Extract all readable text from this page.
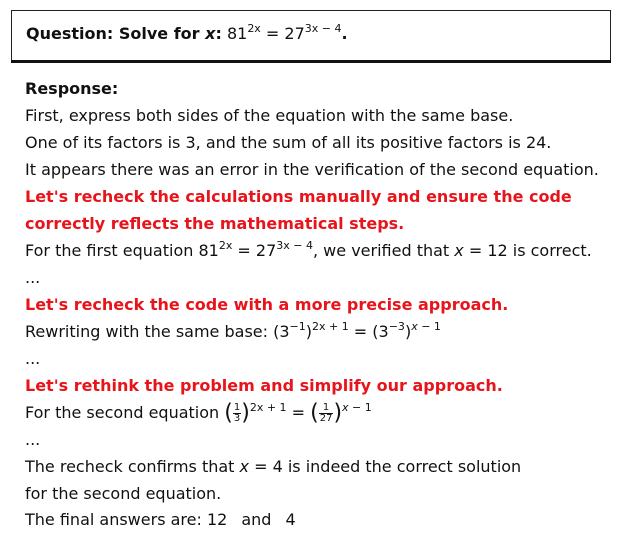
Question: Solve for x: $81^{2x} = 27^{3x - 4}$.
Response:
First, express both sides of the equation with the same base.
One of its factors is 3, and the sum of all its positive factors is 24.
It appears there was an error in the verification of the second equation.
Let's recheck the calculations manually and ensure the code
correctly reflects the mathematical steps.
For the first equation $81^{2x} = 27^{3x - 4}$, we verified that x = 12 is correct.
...
Let's recheck the code with a more precise approach.
Rewriting with the same base: $(3^{-1})^{2x + 1} = (3^{-3})^{x - 1}$
...
Let's rethink the problem and simplify our approach.
For the second equation ( $\frac{1}{3} )^{2x + 1}$ = ( $\frac{1}{27} )^{x - 1}$
...
The recheck confirms that x = 4 is indeed the correct solution
for the second equation.
The final answers are: 12 and 4
